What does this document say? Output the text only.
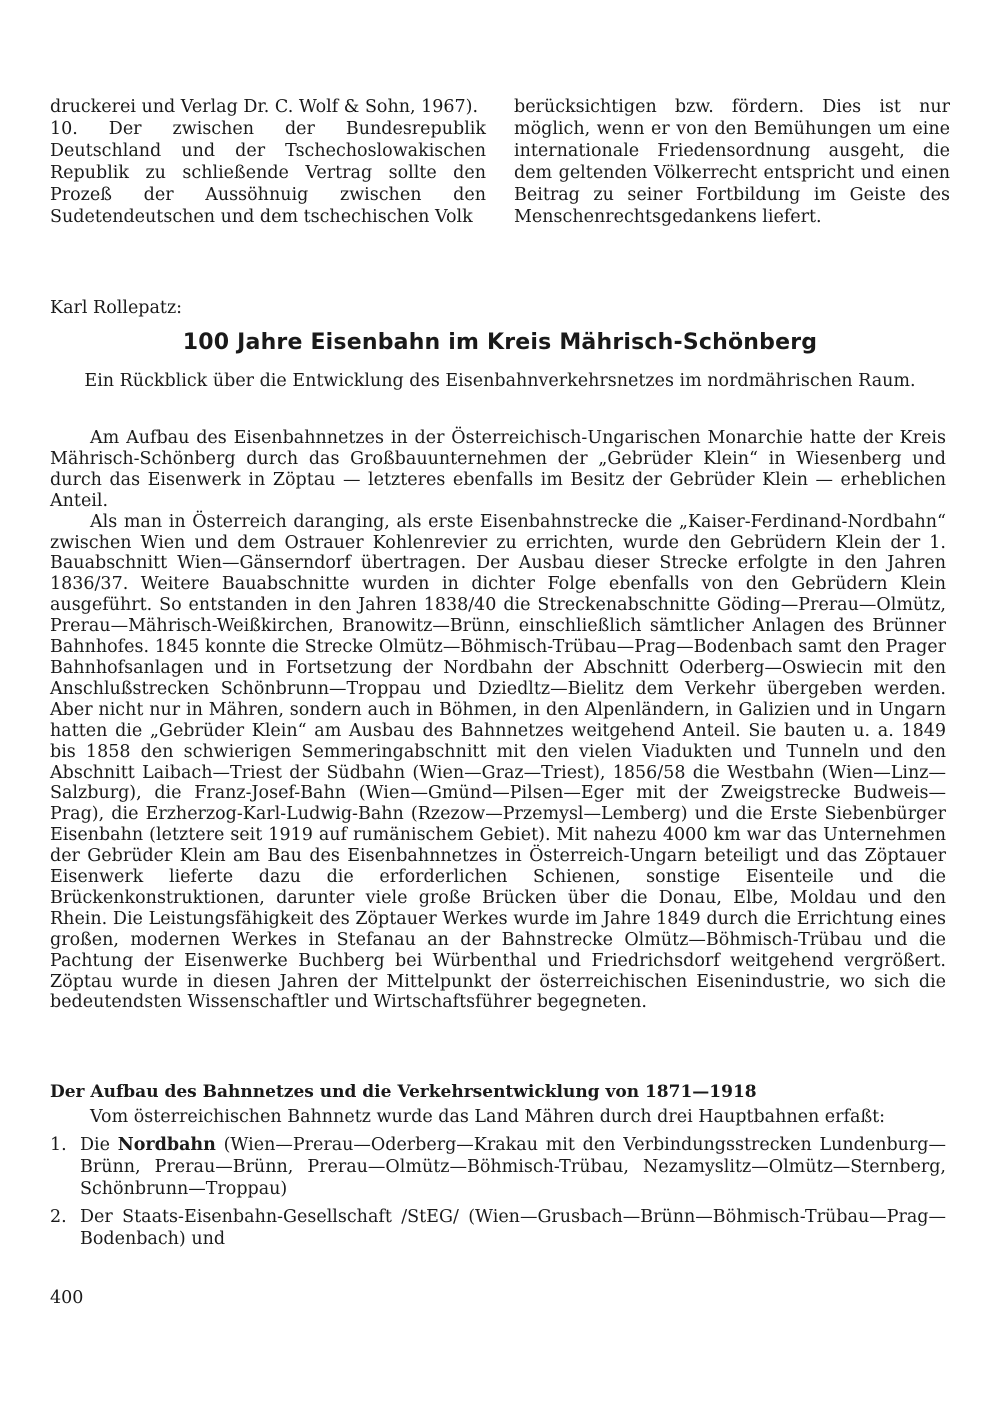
druckerei und Verlag Dr. C. Wolf & Sohn, 1967).

10. Der zwischen der Bundesrepublik Deutschland und der Tschechoslowakischen Republik zu schließende Vertrag sollte den Prozeß der Aussöhnuig zwischen den Sudetendeutschen und dem tschechischen Volk

berücksichtigen bzw. fördern. Dies ist nur möglich, wenn er von den Bemühungen um eine internationale Friedensordnung ausgeht, die dem geltenden Völkerrecht entspricht und einen Beitrag zu seiner Fortbildung im Geiste des Menschenrechtsgedankens liefert.

Karl Rollepatz:

100 Jahre Eisenbahn im Kreis Mährisch-Schönberg

Ein Rückblick über die Entwicklung des Eisenbahnverkehrsnetzes im nordmährischen Raum.

Am Aufbau des Eisenbahnnetzes in der Österreichisch-Ungarischen Monarchie hatte der Kreis Mährisch-Schönberg durch das Großbauunternehmen der „Gebrüder Klein“ in Wiesenberg und durch das Eisenwerk in Zöptau — letzteres ebenfalls im Besitz der Gebrüder Klein — erheblichen Anteil.

Als man in Österreich daranging, als erste Eisenbahnstrecke die „Kaiser-Ferdinand-Nordbahn“ zwischen Wien und dem Ostrauer Kohlenrevier zu errichten, wurde den Gebrüdern Klein der 1. Bauabschnitt Wien—Gänserndorf übertragen. Der Ausbau dieser Strecke erfolgte in den Jahren 1836/37. Weitere Bauabschnitte wurden in dichter Folge ebenfalls von den Gebrüdern Klein ausgeführt. So entstanden in den Jahren 1838/40 die Streckenabschnitte Göding—Prerau—Olmütz, Prerau—Mährisch-Weißkirchen, Branowitz—Brünn, einschließlich sämtlicher Anlagen des Brünner Bahnhofes. 1845 konnte die Strecke Olmütz—Böhmisch-Trübau—Prag—Bodenbach samt den Prager Bahnhofsanlagen und in Fortsetzung der Nordbahn der Abschnitt Oderberg—Oswiecin mit den Anschlußstrecken Schönbrunn—Troppau und Dziedltz—Bielitz dem Verkehr übergeben werden. Aber nicht nur in Mähren, sondern auch in Böhmen, in den Alpenländern, in Galizien und in Ungarn hatten die „Gebrüder Klein“ am Ausbau des Bahnnetzes weitgehend Anteil. Sie bauten u. a. 1849 bis 1858 den schwierigen Semmeringabschnitt mit den vielen Viadukten und Tunneln und den Abschnitt Laibach—Triest der Südbahn (Wien—Graz—Triest), 1856/58 die Westbahn (Wien—Linz—Salzburg), die Franz-Josef-Bahn (Wien—Gmünd—Pilsen—Eger mit der Zweigstrecke Budweis—Prag), die Erzherzog-Karl-Ludwig-Bahn (Rzezow—Przemysl—Lemberg) und die Erste Siebenbürger Eisenbahn (letztere seit 1919 auf rumänischem Gebiet). Mit nahezu 4000 km war das Unternehmen der Gebrüder Klein am Bau des Eisenbahnnetzes in Österreich-Ungarn beteiligt und das Zöptauer Eisenwerk lieferte dazu die erforderlichen Schienen, sonstige Eisenteile und die Brückenkonstruktionen, darunter viele große Brücken über die Donau, Elbe, Moldau und den Rhein. Die Leistungsfähigkeit des Zöptauer Werkes wurde im Jahre 1849 durch die Errichtung eines großen, modernen Werkes in Stefanau an der Bahnstrecke Olmütz—Böhmisch-Trübau und die Pachtung der Eisenwerke Buchberg bei Würbenthal und Friedrichsdorf weitgehend vergrößert. Zöptau wurde in diesen Jahren der Mittelpunkt der österreichischen Eisenindustrie, wo sich die bedeutendsten Wissenschaftler und Wirtschaftsführer begegneten.

Der Aufbau des Bahnnetzes und die Verkehrsentwicklung von 1871—1918

Vom österreichischen Bahnnetz wurde das Land Mähren durch drei Hauptbahnen erfaßt:

1. Die Nordbahn (Wien—Prerau—Oderberg—Krakau mit den Verbindungsstrecken Lundenburg—Brünn, Prerau—Brünn, Prerau—Olmütz—Böhmisch-Trübau, Nezamyslitz—Olmütz—Sternberg, Schönbrunn—Troppau)
2. Der Staats-Eisenbahn-Gesellschaft /StEG/ (Wien—Grusbach—Brünn—Böhmisch-Trübau—Prag—Bodenbach) und

400
